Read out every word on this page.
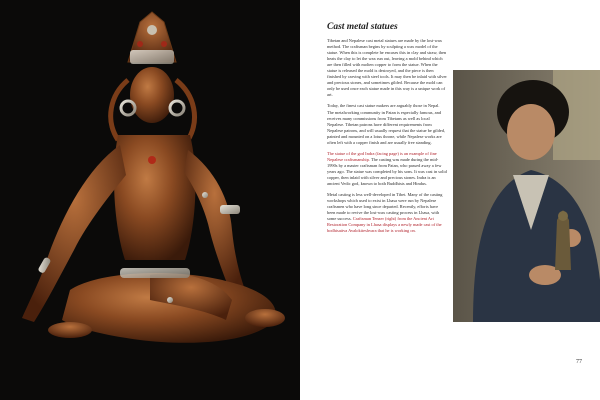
Cast metal statues

Tibetan and Nepalese cast metal statues are made by the lost-wax method. The craftsman begins by sculpting a wax model of the statue. When this is complete he encases this in clay and straw, then heats the clay to let the wax run out, leaving a mold behind which are then filled with molten copper to form the statue. When the statue is released the mold is destroyed, and the piece is then finished by carving with steel tools. It may then be inlaid with silver and precious stones, and sometimes gilded. Because the mold can only be used once each statue made in this way is a unique work of art.

Today, the finest cast statue makers are arguably those in Nepal. The metalworking community in Patan is especially famous, and receives many commissions from Tibetans as well as local Nepalese. Tibetan patrons have different requirements from Nepalese patrons, and will usually request that the statue be gilded, painted and mounted on a lotus throne, while Nepalese works are often left with a copper finish and are usually free standing.

The statue of the god Indra (facing page) is an example of fine Nepalese craftsmanship. The casting was made during the mid-1990s by a master craftsman from Patan, who passed away a few years ago. The statue was completed by his sons. It was cast in solid copper, then inlaid with silver and precious stones. Indra is an ancient Vedic god, known to both Buddhists and Hindus.

Metal casting is less well-developed in Tibet. Many of the casting workshops which used to exist in Lhasa were run by Nepalese craftsmen who have long since departed. Recently, efforts have been made to revive the lost-wax casting process in Lhasa, with some success. Craftsman Tenzer (right) from the Ancient Art Restoration Company in Lhasa displays a newly made cast of the bodhisattva Avalokiteshvara that he is working on.

77
